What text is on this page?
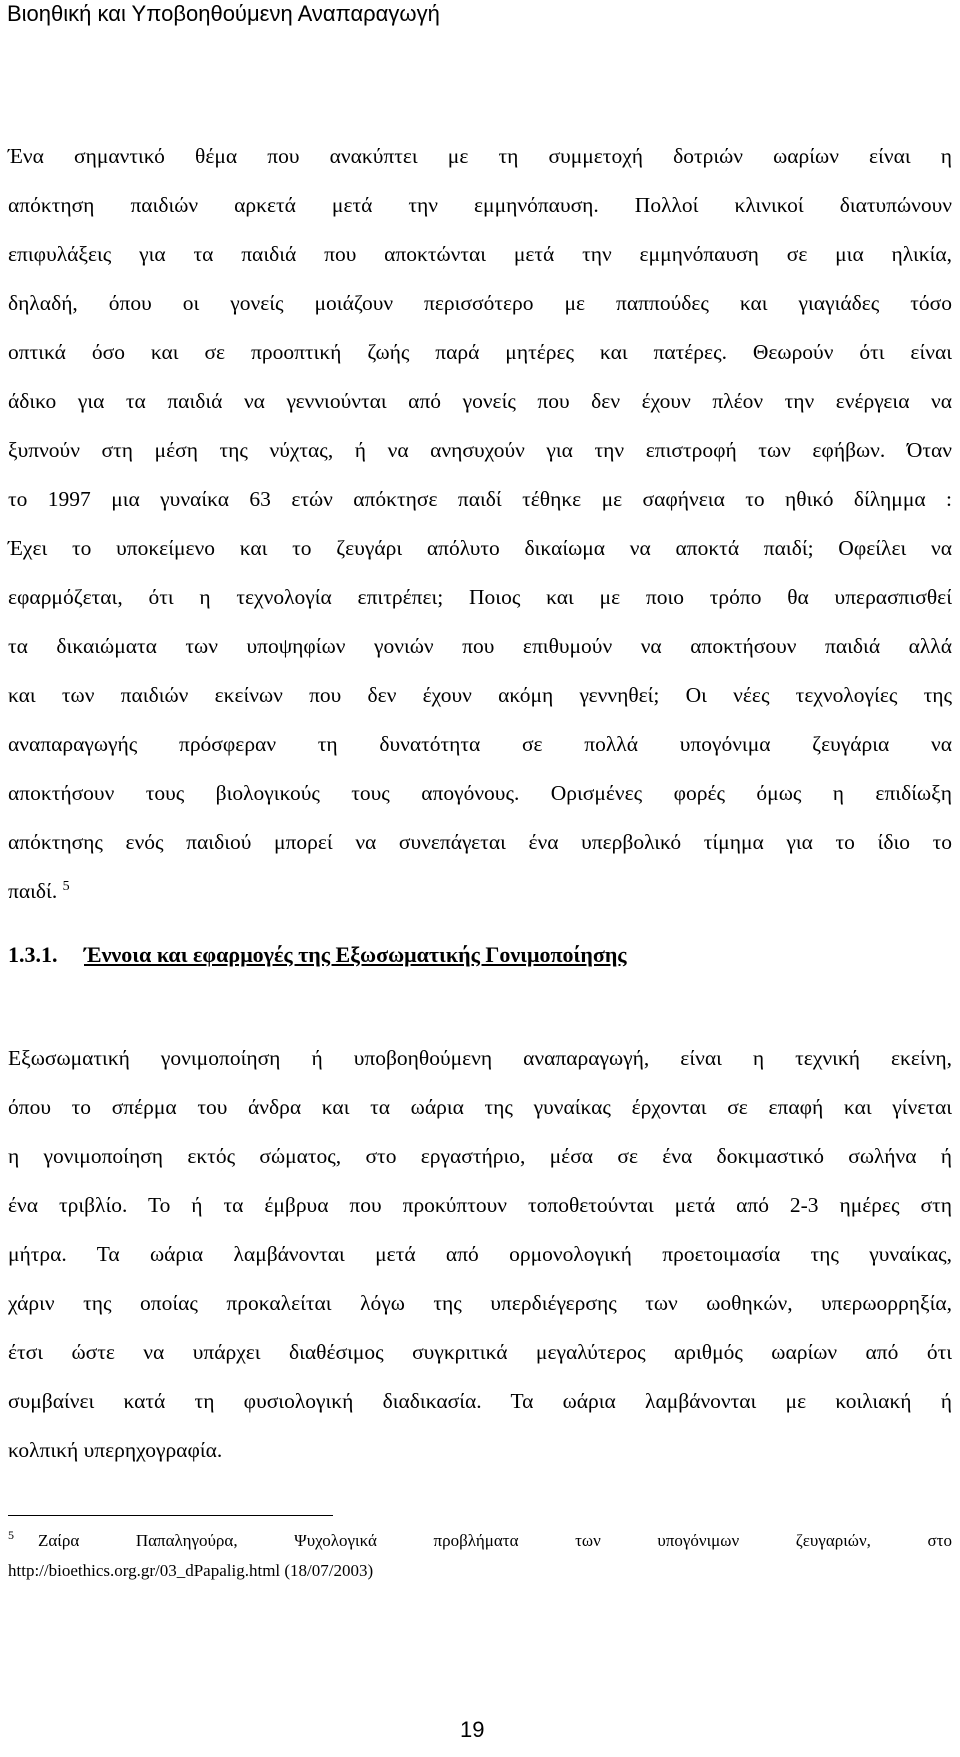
Βιοηθική και Υποβοηθούμενη Αναπαραγωγή
Ένα σημαντικό θέμα που ανακύπτει με τη συμμετοχή δοτριών ωαρίων είναι η
απόκτηση παιδιών αρκετά μετά την εμμηνόπαυση. Πολλοί κλινικοί διατυπώνουν
επιφυλάξεις για τα παιδιά που αποκτώνται μετά την εμμηνόπαυση σε μια ηλικία,
δηλαδή, όπου οι γονείς μοιάζουν περισσότερο με παππούδες και γιαγιάδες τόσο
οπτικά όσο και σε προοπτική ζωής παρά μητέρες και πατέρες. Θεωρούν ότι είναι
άδικο για τα παιδιά να γεννιούνται από γονείς που δεν έχουν πλέον την ενέργεια να
ξυπνούν στη μέση της νύχτας, ή να ανησυχούν για την επιστροφή των εφήβων. Όταν
το 1997 μια γυναίκα 63 ετών απόκτησε παιδί τέθηκε με σαφήνεια το ηθικό δίλημμα :
Έχει το υποκείμενο και το ζευγάρι απόλυτο δικαίωμα να αποκτά παιδί; Οφείλει να
εφαρμόζεται, ότι η τεχνολογία επιτρέπει; Ποιος και με ποιο τρόπο θα υπερασπισθεί
τα δικαιώματα των υποψηφίων γονιών που επιθυμούν να αποκτήσουν παιδιά αλλά
και των παιδιών εκείνων που δεν έχουν ακόμη γεννηθεί; Οι νέες τεχνολογίες της
αναπαραγωγής πρόσφεραν τη δυνατότητα σε πολλά υπογόνιμα ζευγάρια να
αποκτήσουν τους βιολογικούς τους απογόνους. Ορισμένες φορές όμως η επιδίωξη
απόκτησης ενός παιδιού μπορεί να συνεπάγεται ένα υπερβολικό τίμημα για το ίδιο το
παιδί. $^5$
1.3.1. Έννοια και εφαρμογές της Εξωσωματικής Γονιμοποίησης
Εξωσωματική γονιμοποίηση ή υποβοηθούμενη αναπαραγωγή, είναι η τεχνική εκείνη,
όπου το σπέρμα του άνδρα και τα ωάρια της γυναίκας έρχονται σε επαφή και γίνεται
η γονιμοποίηση εκτός σώματος, στο εργαστήριο, μέσα σε ένα δοκιμαστικό σωλήνα ή
ένα τριβλίο. Το ή τα έμβρυα που προκύπτουν τοποθετούνται μετά από 2-3 ημέρες στη
μήτρα. Τα ωάρια λαμβάνονται μετά από ορμονολογική προετοιμασία της γυναίκας,
χάριν της οποίας προκαλείται λόγω της υπερδιέγερσης των ωοθηκών, υπερωορρηξία,
έτσι ώστε να υπάρχει διαθέσιμος συγκριτικά μεγαλύτερος αριθμός ωαρίων από ότι
συμβαίνει κατά τη φυσιολογική διαδικασία. Τα ωάρια λαμβάνονται με κοιλιακή ή
κολπική υπερηχογραφία.
$^5$ Ζαίρα Παπαληγούρα, Ψυχολογικά προβλήματα των υπογόνιμων ζευγαριών, στο
http://bioethics.org.gr/03_dPapalig.html (18/07/2003)
19
